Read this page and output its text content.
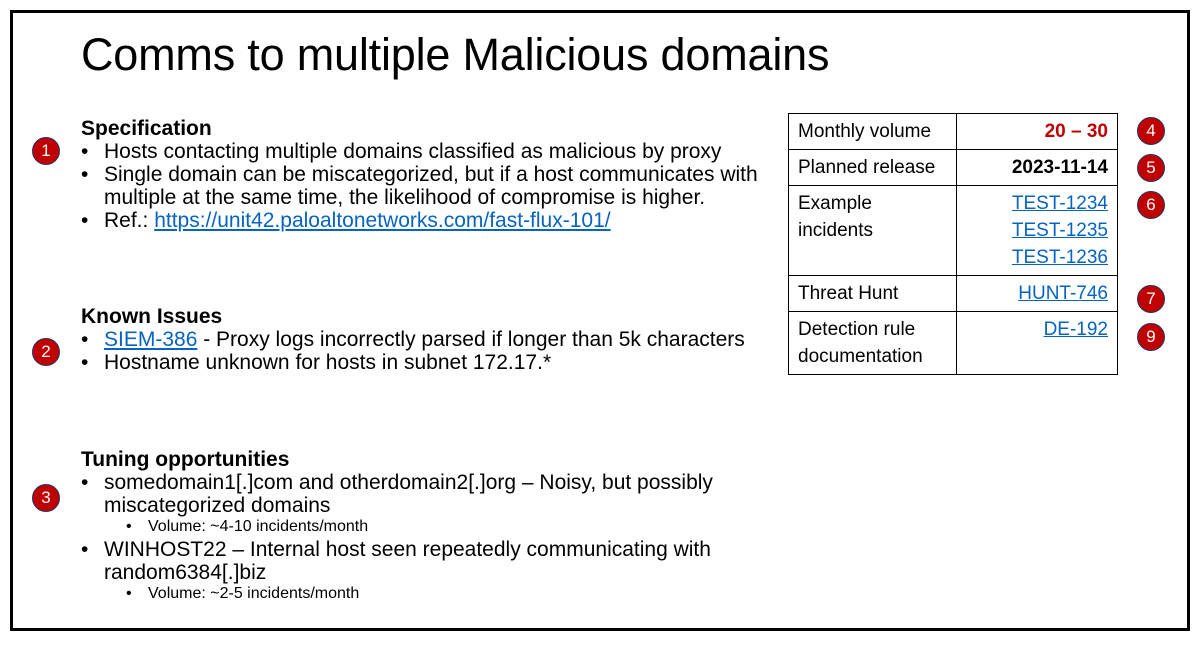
Comms to multiple Malicious domains
Specification
• Hosts contacting multiple domains classified as malicious by proxy
• Single domain can be miscategorized, but if a host communicates with multiple at the same time, the likelihood of compromise is higher.
• Ref.: https://unit42.paloaltonetworks.com/fast-flux-101/
Known Issues
• SIEM-386 - Proxy logs incorrectly parsed if longer than 5k characters
• Hostname unknown for hosts in subnet 172.17.*
Tuning opportunities
• somedomain1[.]com and otherdomain2[.]org – Noisy, but possibly miscategorized domains
• Volume: ~4-10 incidents/month
• WINHOST22 – Internal host seen repeatedly communicating with random6384[.]biz
• Volume: ~2-5 incidents/month
Monthly volume	20 – 30
Planned release	2023-11-14
Example incidents	TEST-1234
TEST-1235
TEST-1236
Threat Hunt	HUNT-746
Detection rule documentation	DE-192
1
2
3
4
5
6
7
9
